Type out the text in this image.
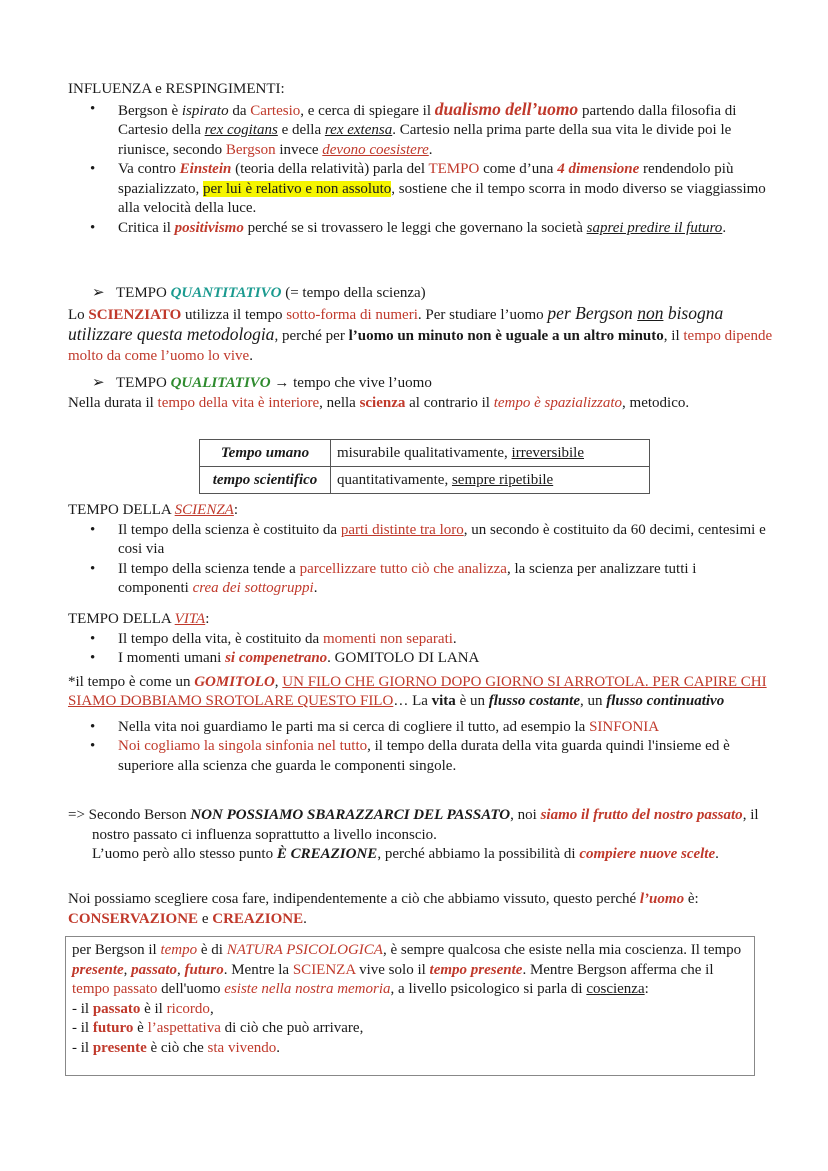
INFLUENZA e RESPINGIMENTI:
• Bergson è ispirato da Cartesio, e cerca di spiegare il dualismo dell’uomo partendo dalla filosofia di Cartesio della rex cogitans e della rex extensa. Cartesio nella prima parte della sua vita le divide poi le riunisce, secondo Bergson invece devono coesistere.
• Va contro Einstein (teoria della relatività) parla del TEMPO come d’una 4 dimensione rendendolo più spazializzato, per lui è relativo e non assoluto, sostiene che il tempo scorra in modo diverso se viaggiassimo alla velocità della luce.
• Critica il positivismo perché se si trovassero le leggi che governano la società saprei predire il futuro.
➢ TEMPO QUANTITATIVO (= tempo della scienza)
Lo SCIENZIATO utilizza il tempo sotto-forma di numeri. Per studiare l’uomo per Bergson non bisogna utilizzare questa metodologia, perché per l’uomo un minuto non è uguale a un altro minuto, il tempo dipende molto da come l’uomo lo vive.
➢ TEMPO QUALITATIVO → tempo che vive l’uomo
Nella durata il tempo della vita è interiore, nella scienza al contrario il tempo è spazializzato, metodico.
Tempo umano	misurabile qualitativamente, irreversibile
tempo scientifico	quantitativamente, sempre ripetibile
TEMPO DELLA SCIENZA:
• Il tempo della scienza è costituito da parti distinte tra loro, un secondo è costituito da 60 decimi, centesimi e cosi via
• Il tempo della scienza tende a parcellizzare tutto ciò che analizza, la scienza per analizzare tutti i componenti crea dei sottogruppi.
TEMPO DELLA VITA:
• Il tempo della vita, è costituito da momenti non separati.
• I momenti umani si compenetrano. GOMITOLO DI LANA
*il tempo è come un GOMITOLO, UN FILO CHE GIORNO DOPO GIORNO SI ARROTOLA. PER CAPIRE CHI SIAMO DOBBIAMO SROTOLARE QUESTO FILO… La vita è un flusso costante, un flusso continuativo
• Nella vita noi guardiamo le parti ma si cerca di cogliere il tutto, ad esempio la SINFONIA
• Noi cogliamo la singola sinfonia nel tutto, il tempo della durata della vita guarda quindi l'insieme ed è superiore alla scienza che guarda le componenti singole.
=> Secondo Berson NON POSSIAMO SBARAZZARCI DEL PASSATO, noi siamo il frutto del nostro passato, il nostro passato ci influenza soprattutto a livello inconscio.
L’uomo però allo stesso punto È CREAZIONE, perché abbiamo la possibilità di compiere nuove scelte.
Noi possiamo scegliere cosa fare, indipendentemente a ciò che abbiamo vissuto, questo perché l’uomo è: CONSERVAZIONE e CREAZIONE.
per Bergson il tempo è di NATURA PSICOLOGICA, è sempre qualcosa che esiste nella mia coscienza. Il tempo presente, passato, futuro. Mentre la SCIENZA vive solo il tempo presente. Mentre Bergson afferma che il tempo passato dell'uomo esiste nella nostra memoria, a livello psicologico si parla di coscienza:
- il passato è il ricordo,
- il futuro è l’aspettativa di ciò che può arrivare,
- il presente è ciò che sta vivendo.
